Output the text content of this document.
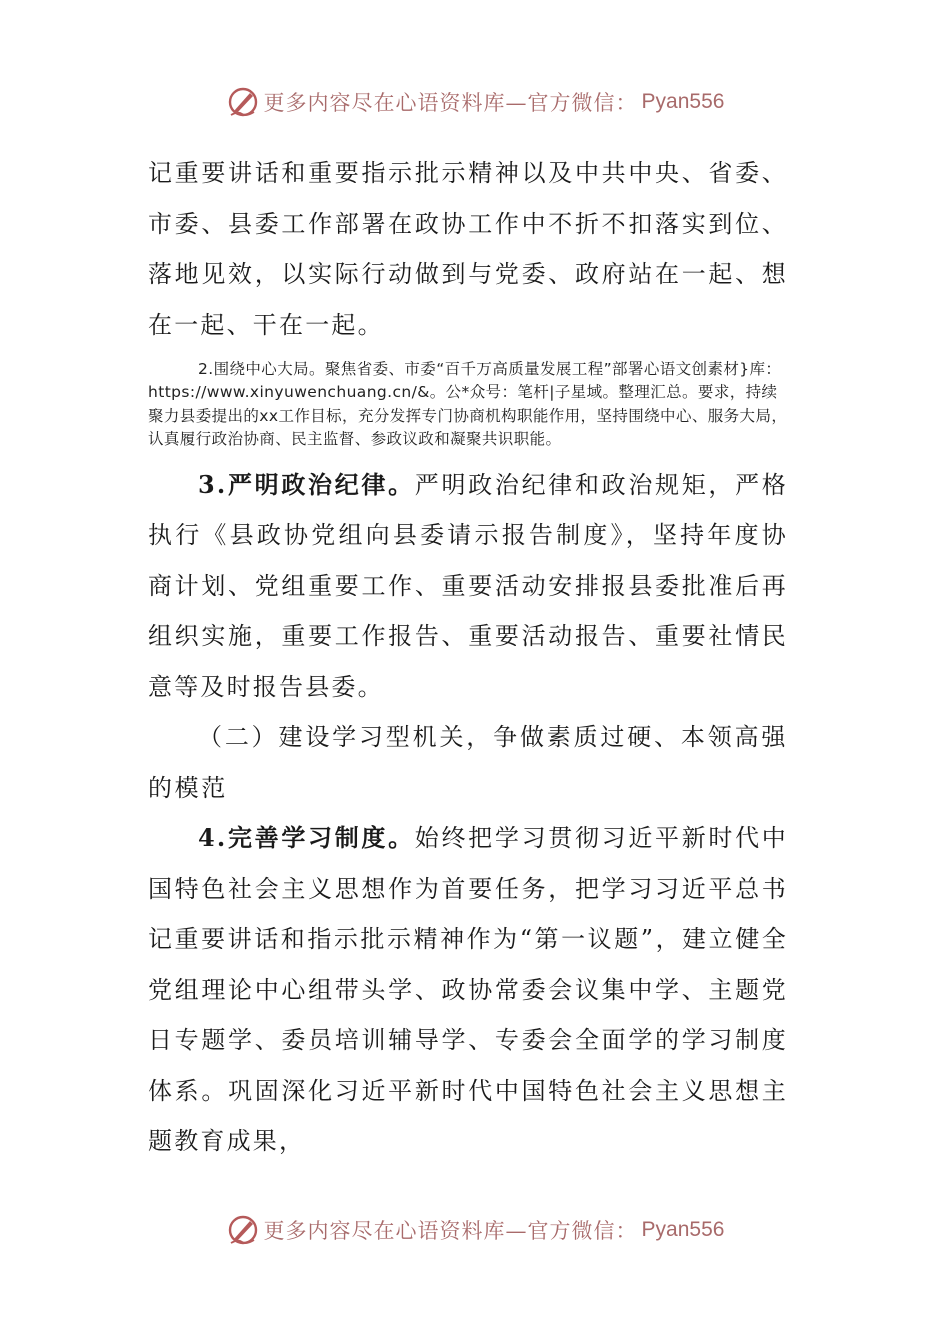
更多内容尽在心语资料库—官方微信： Pyan556

记重要讲话和重要指示批示精神以及中共中央、省委、市委、县委工作部署在政协工作中不折不扣落实到位、落地见效，以实际行动做到与党委、政府站在一起、想在一起、干在一起。

2.围绕中心大局。聚焦省委、市委“百千万高质量发展工程”部署心语文创素材}库：https://www.xinyuwenchuang.cn/&。公*众号：笔杆|子星域。整理汇总。要求，持续聚力县委提出的xx工作目标，充分发挥专门协商机构职能作用，坚持围绕中心、服务大局，认真履行政治协商、民主监督、参政议政和凝聚共识职能。

3.严明政治纪律。严明政治纪律和政治规矩，严格执行《县政协党组向县委请示报告制度》，坚持年度协商计划、党组重要工作、重要活动安排报县委批准后再组织实施，重要工作报告、重要活动报告、重要社情民意等及时报告县委。

（二）建设学习型机关，争做素质过硬、本领高强的模范

4.完善学习制度。始终把学习贯彻习近平新时代中国特色社会主义思想作为首要任务，把学习习近平总书记重要讲话和指示批示精神作为“第一议题”，建立健全党组理论中心组带头学、政协常委会议集中学、主题党日专题学、委员培训辅导学、专委会全面学的学习制度体系。巩固深化习近平新时代中国特色社会主义思想主题教育成果，

更多内容尽在心语资料库—官方微信： Pyan556
